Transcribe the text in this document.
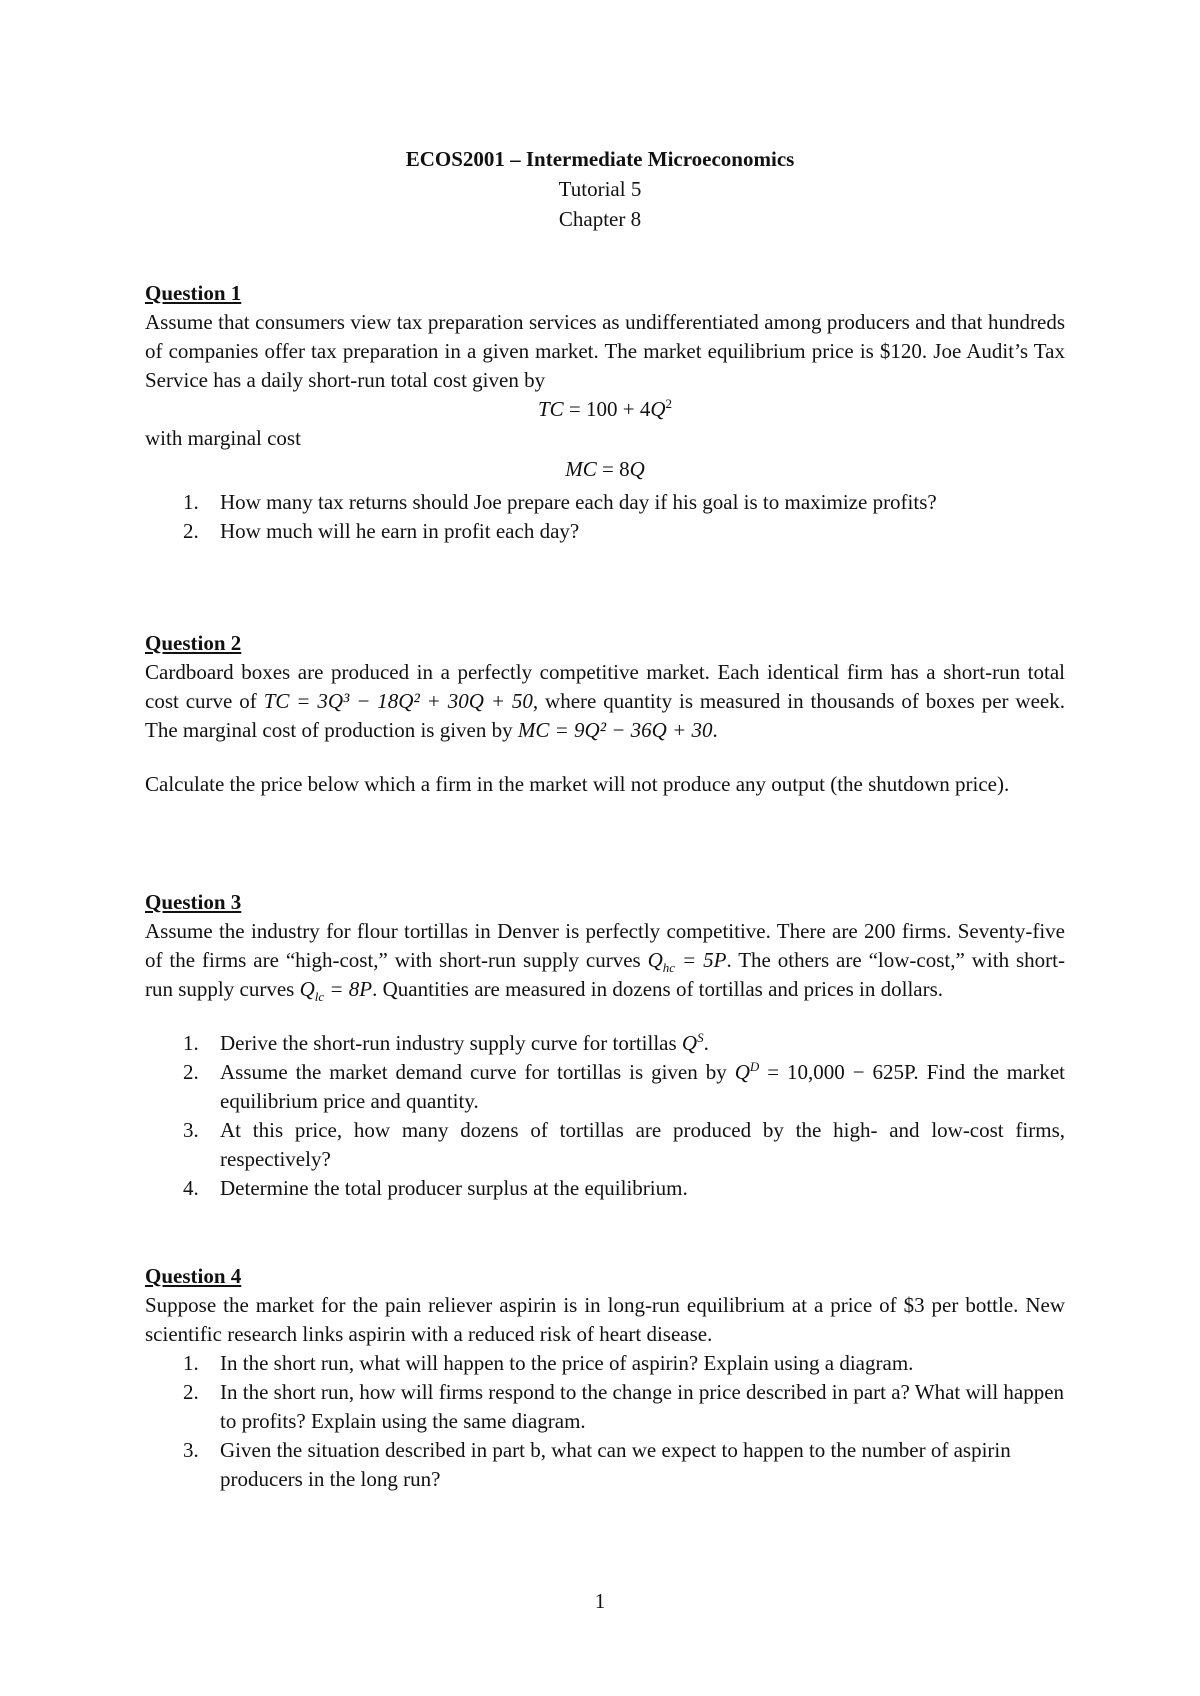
ECOS2001 – Intermediate Microeconomics
Tutorial 5
Chapter 8
Question 1
Assume that consumers view tax preparation services as undifferentiated among producers and that hundreds of companies offer tax preparation in a given market. The market equilibrium price is $120. Joe Audit’s Tax Service has a daily short-run total cost given by
TC = $100 + 4Q^2$
with marginal cost
MC = 8Q
1. How many tax returns should Joe prepare each day if his goal is to maximize profits?
2. How much will he earn in profit each day?
Question 2
Cardboard boxes are produced in a perfectly competitive market. Each identical firm has a short-run total cost curve of TC = 3Q³ − 18Q² + 30Q + 50, where quantity is measured in thousands of boxes per week. The marginal cost of production is given by MC = 9Q² − 36Q + 30.
Calculate the price below which a firm in the market will not produce any output (the shutdown price).
Question 3
Assume the industry for flour tortillas in Denver is perfectly competitive. There are 200 firms. Seventy-five of the firms are “high-cost,” with short-run supply curves $Q_{hc} = 5P$. The others are “low-cost,” with short- run supply curves $Q_{lc} = 8P$. Quantities are measured in dozens of tortillas and prices in dollars.
1. Derive the short-run industry supply curve for tortillas $Q^S$.
2. Assume the market demand curve for tortillas is given by $Q^D = 10,000 - 625P$. Find the market equilibrium price and quantity.
3. At this price, how many dozens of tortillas are produced by the high- and low-cost firms, respectively?
4. Determine the total producer surplus at the equilibrium.
Question 4
Suppose the market for the pain reliever aspirin is in long-run equilibrium at a price of $3 per bottle. New scientific research links aspirin with a reduced risk of heart disease.
1. In the short run, what will happen to the price of aspirin? Explain using a diagram.
2. In the short run, how will firms respond to the change in price described in part a? What will happen to profits? Explain using the same diagram.
3. Given the situation described in part b, what can we expect to happen to the number of aspirin producers in the long run?
1
